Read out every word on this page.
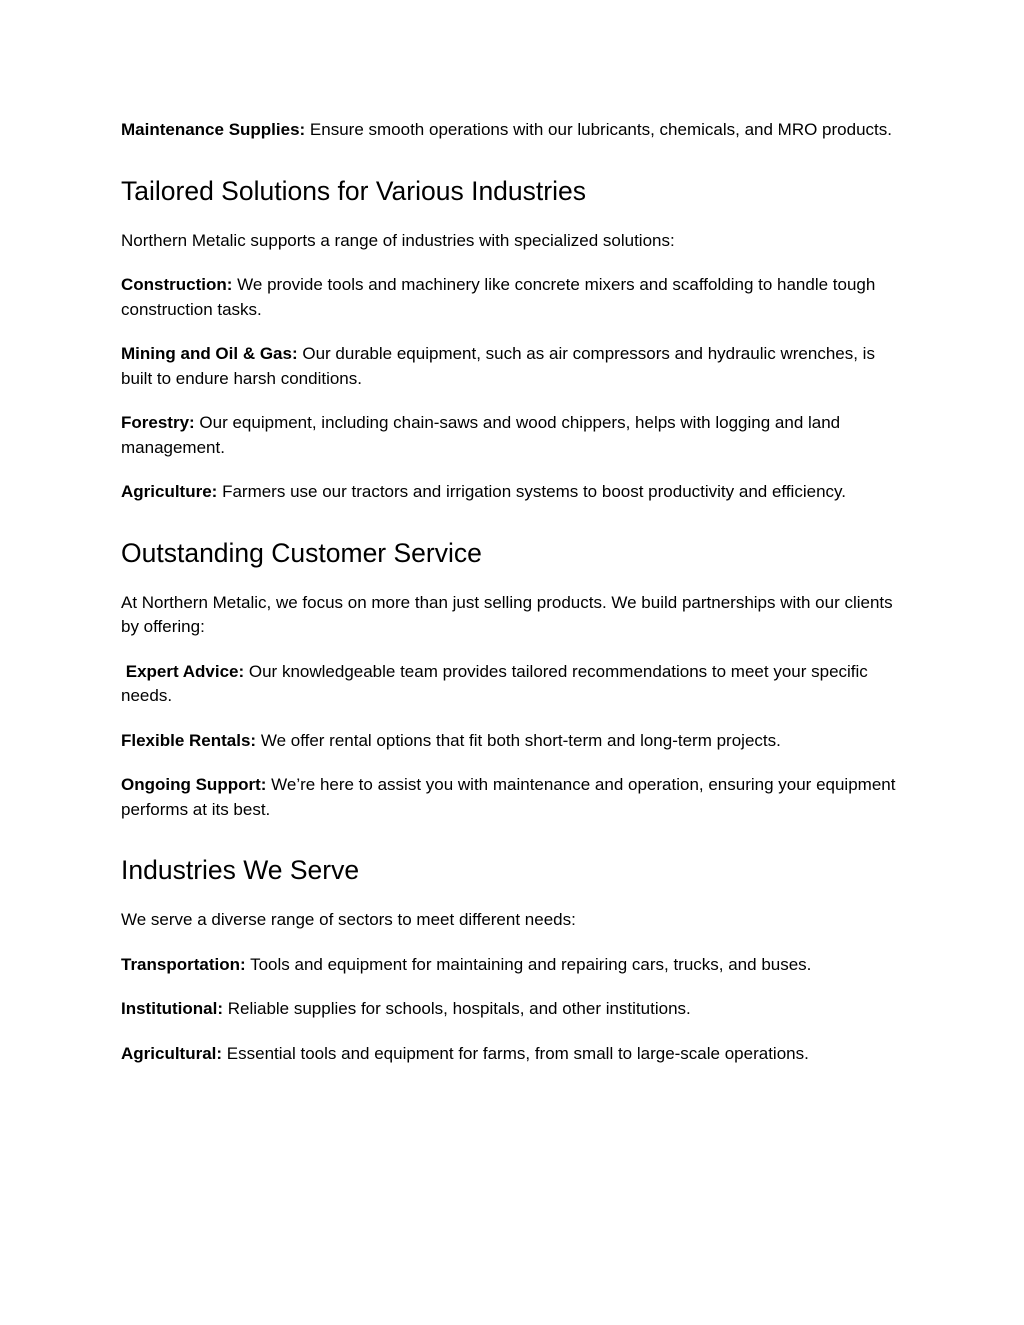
Maintenance Supplies: Ensure smooth operations with our lubricants, chemicals, and MRO products.

Tailored Solutions for Various Industries

Northern Metalic supports a range of industries with specialized solutions:

Construction: We provide tools and machinery like concrete mixers and scaffolding to handle tough construction tasks.

Mining and Oil & Gas: Our durable equipment, such as air compressors and hydraulic wrenches, is built to endure harsh conditions.

Forestry: Our equipment, including chain-saws and wood chippers, helps with logging and land management.

Agriculture: Farmers use our tractors and irrigation systems to boost productivity and efficiency.

Outstanding Customer Service

At Northern Metalic, we focus on more than just selling products. We build partnerships with our clients by offering:

Expert Advice: Our knowledgeable team provides tailored recommendations to meet your specific needs.

Flexible Rentals: We offer rental options that fit both short-term and long-term projects.

Ongoing Support: We’re here to assist you with maintenance and operation, ensuring your equipment performs at its best.

Industries We Serve

We serve a diverse range of sectors to meet different needs:

Transportation: Tools and equipment for maintaining and repairing cars, trucks, and buses.

Institutional: Reliable supplies for schools, hospitals, and other institutions.

Agricultural: Essential tools and equipment for farms, from small to large-scale operations.
